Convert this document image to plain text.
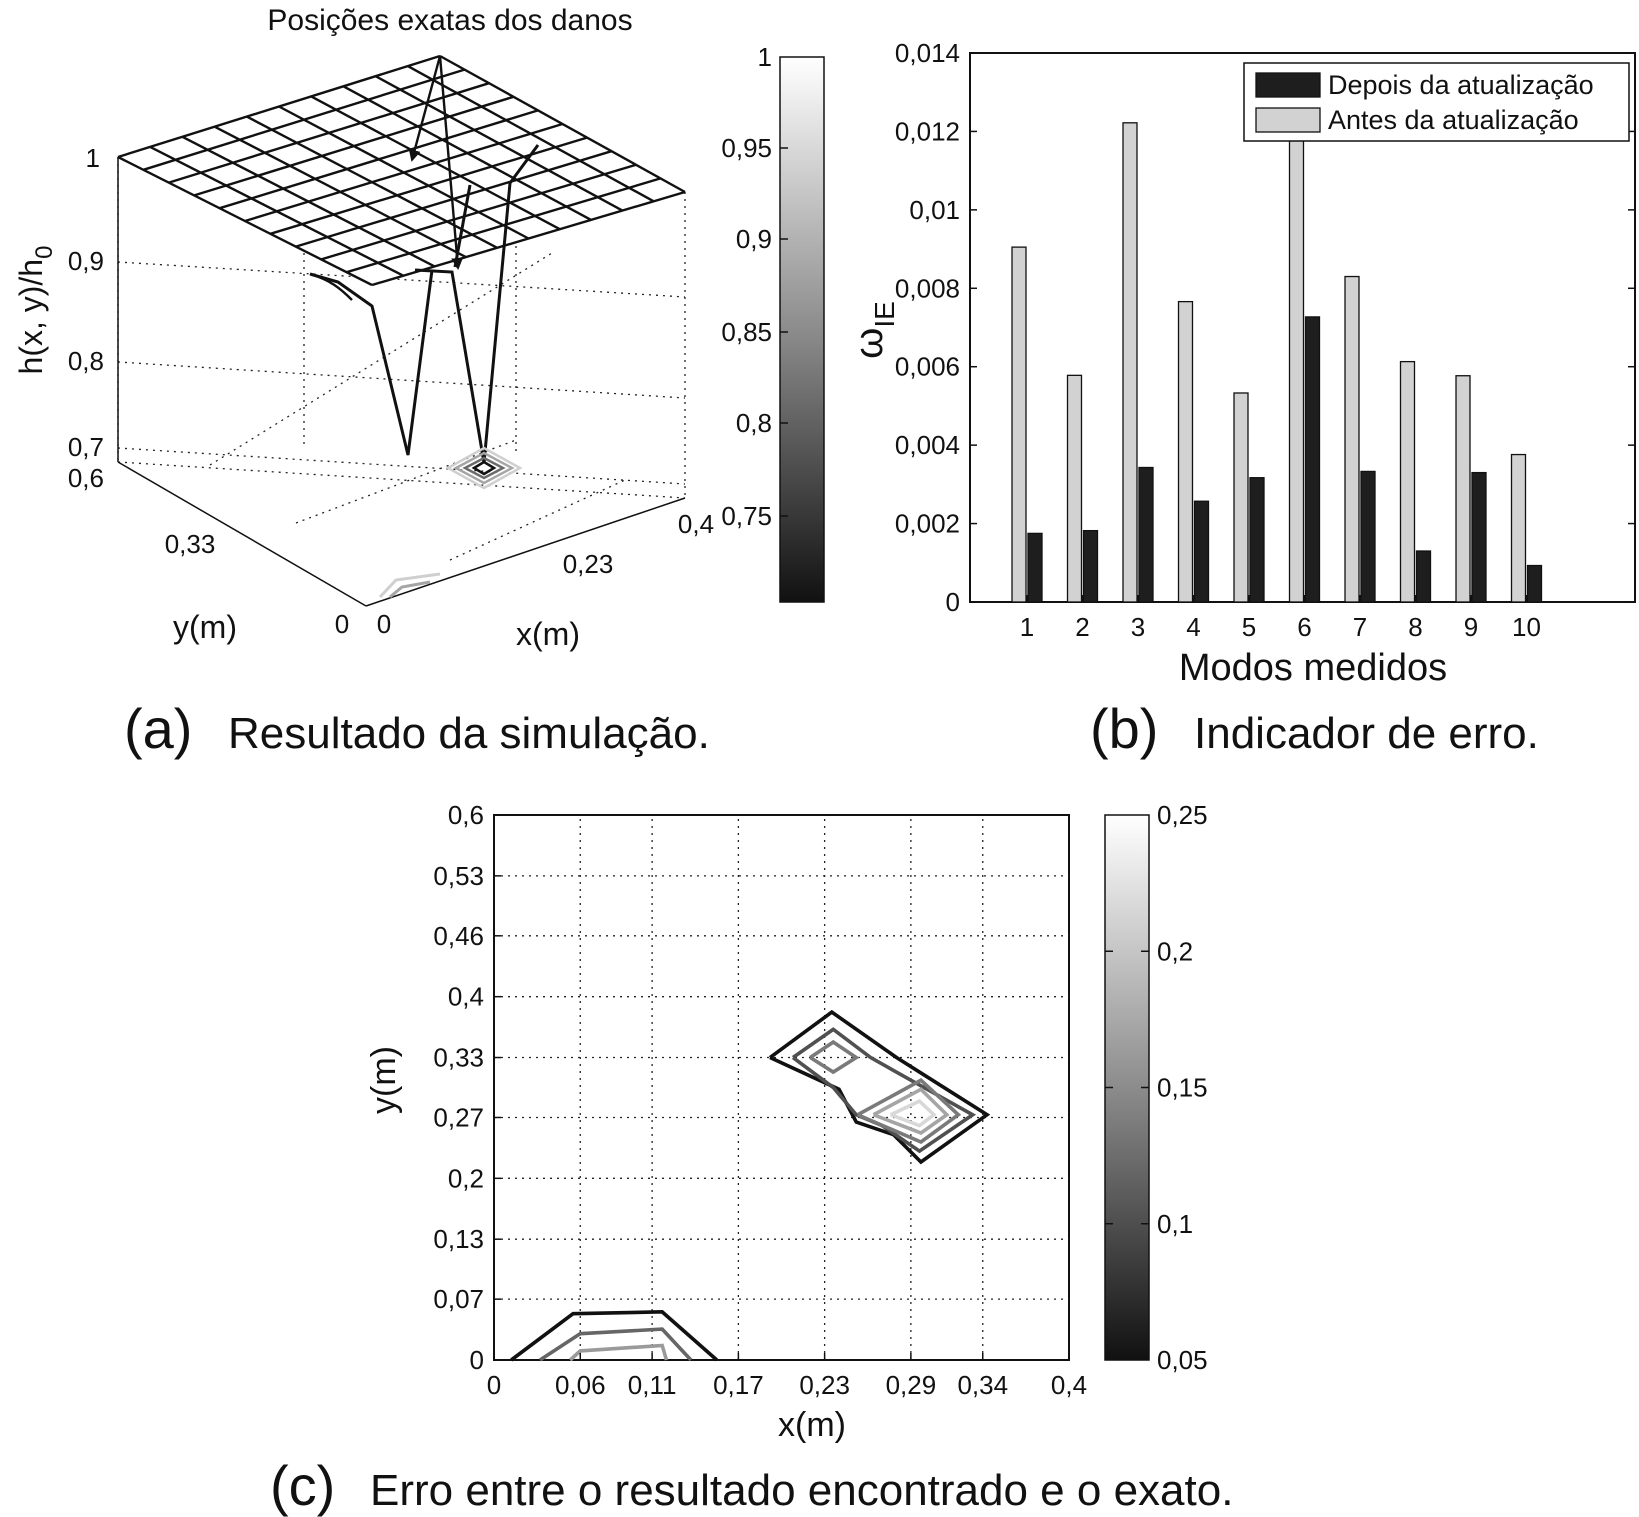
Posições exatas dos danos
1
0,9
0,8
0,7
h(x, $y)/h_0$
0,6
0,33
0
y(m)	0
0,23
0,4
x(m)
1
0,95
0,9
0,85
0,8
0,75
(a) Resultado da simulação.
0
0,002
0,004
0,006
0,008
0,01
0,012
0,014
1 2 3 4 5 6 7 8 9 10
Modos medidos
$\omega_{IE}$
Depois da atualização
Antes da atualização
(b) Indicador de erro.
0
0,07
0,13
0,2
0,27
0,33
0,4
0,46
0,53
0,6
0 0,06 0,11 0,17 0,23 0,29 0,34 0,4
x(m)
y(m)
0,25
0,2
0,15
0,1
0,05
(c) Erro entre o resultado encontrado e o exato.
